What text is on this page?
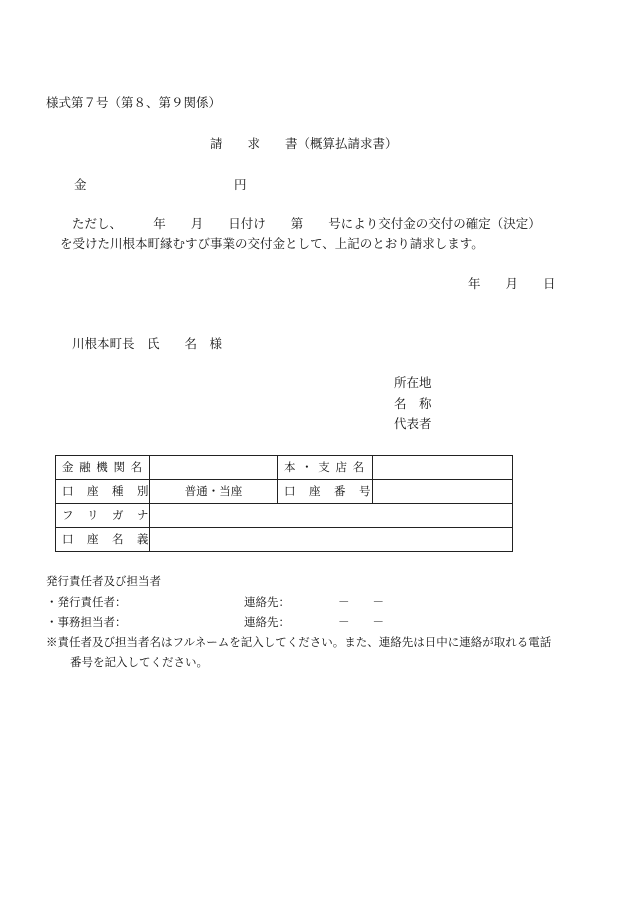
様式第７号（第８、第９関係）
請　　求　　書（概算払請求書）
金	円
ただし、　　　年　　月　　日付け　　第　　号により交付金の交付の確定（決定）
を受けた川根本町縁むすび事業の交付金として、上記のとおり請求します。
年　　月　　日
川根本町長　氏　　名　様
所在地
名　称
代表者
金 融 機 関 名		本 ・ 支 店 名	
口　座　種　別	普通・当座	口　座　番　号	
フ　リ　ガ　ナ			
口　座　名　義			
発行責任者及び担当者
・発行責任者：	連絡先：	－　　－
・事務担当者：	連絡先：	－　　－
※責任者及び担当者名はフルネームを記入してください。また、連絡先は日中に連絡が取れる電話
番号を記入してください。
